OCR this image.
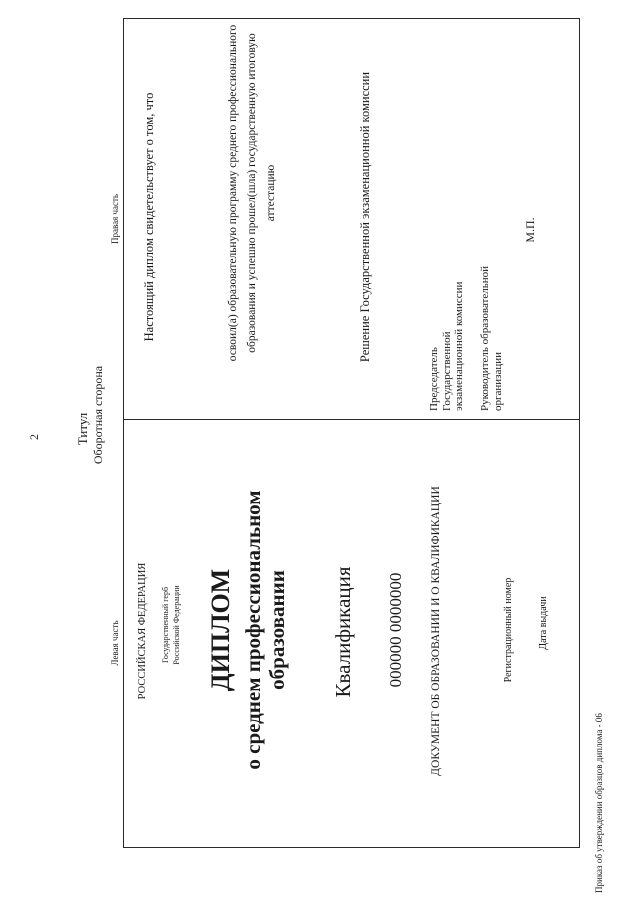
2	Титул Оборотная сторона
Левая часть
Правая часть
РОССИЙСКАЯ ФЕДЕРАЦИЯ Государственный герб Российской Федерации ДИПЛОМ о среднем профессиональном образовании Квалификация 000000 0000000 ДОКУМЕНТ ОБ ОБРАЗОВАНИИ И О КВАЛИФИКАЦИИ	Регистрационный номер Дата выдачи
Настоящий диплом свидетельствует о том, что	освоил(а) образовательную программу среднего профессионального образования и успешно прошел(шла) государственную итоговую аттестацию	Решение Государственной экзаменационной комиссии
Председатель Государственной экзаменационной комиссии Руководитель образовательной организации
М.П.
Приказ об утверждении образцов диплома - 06
